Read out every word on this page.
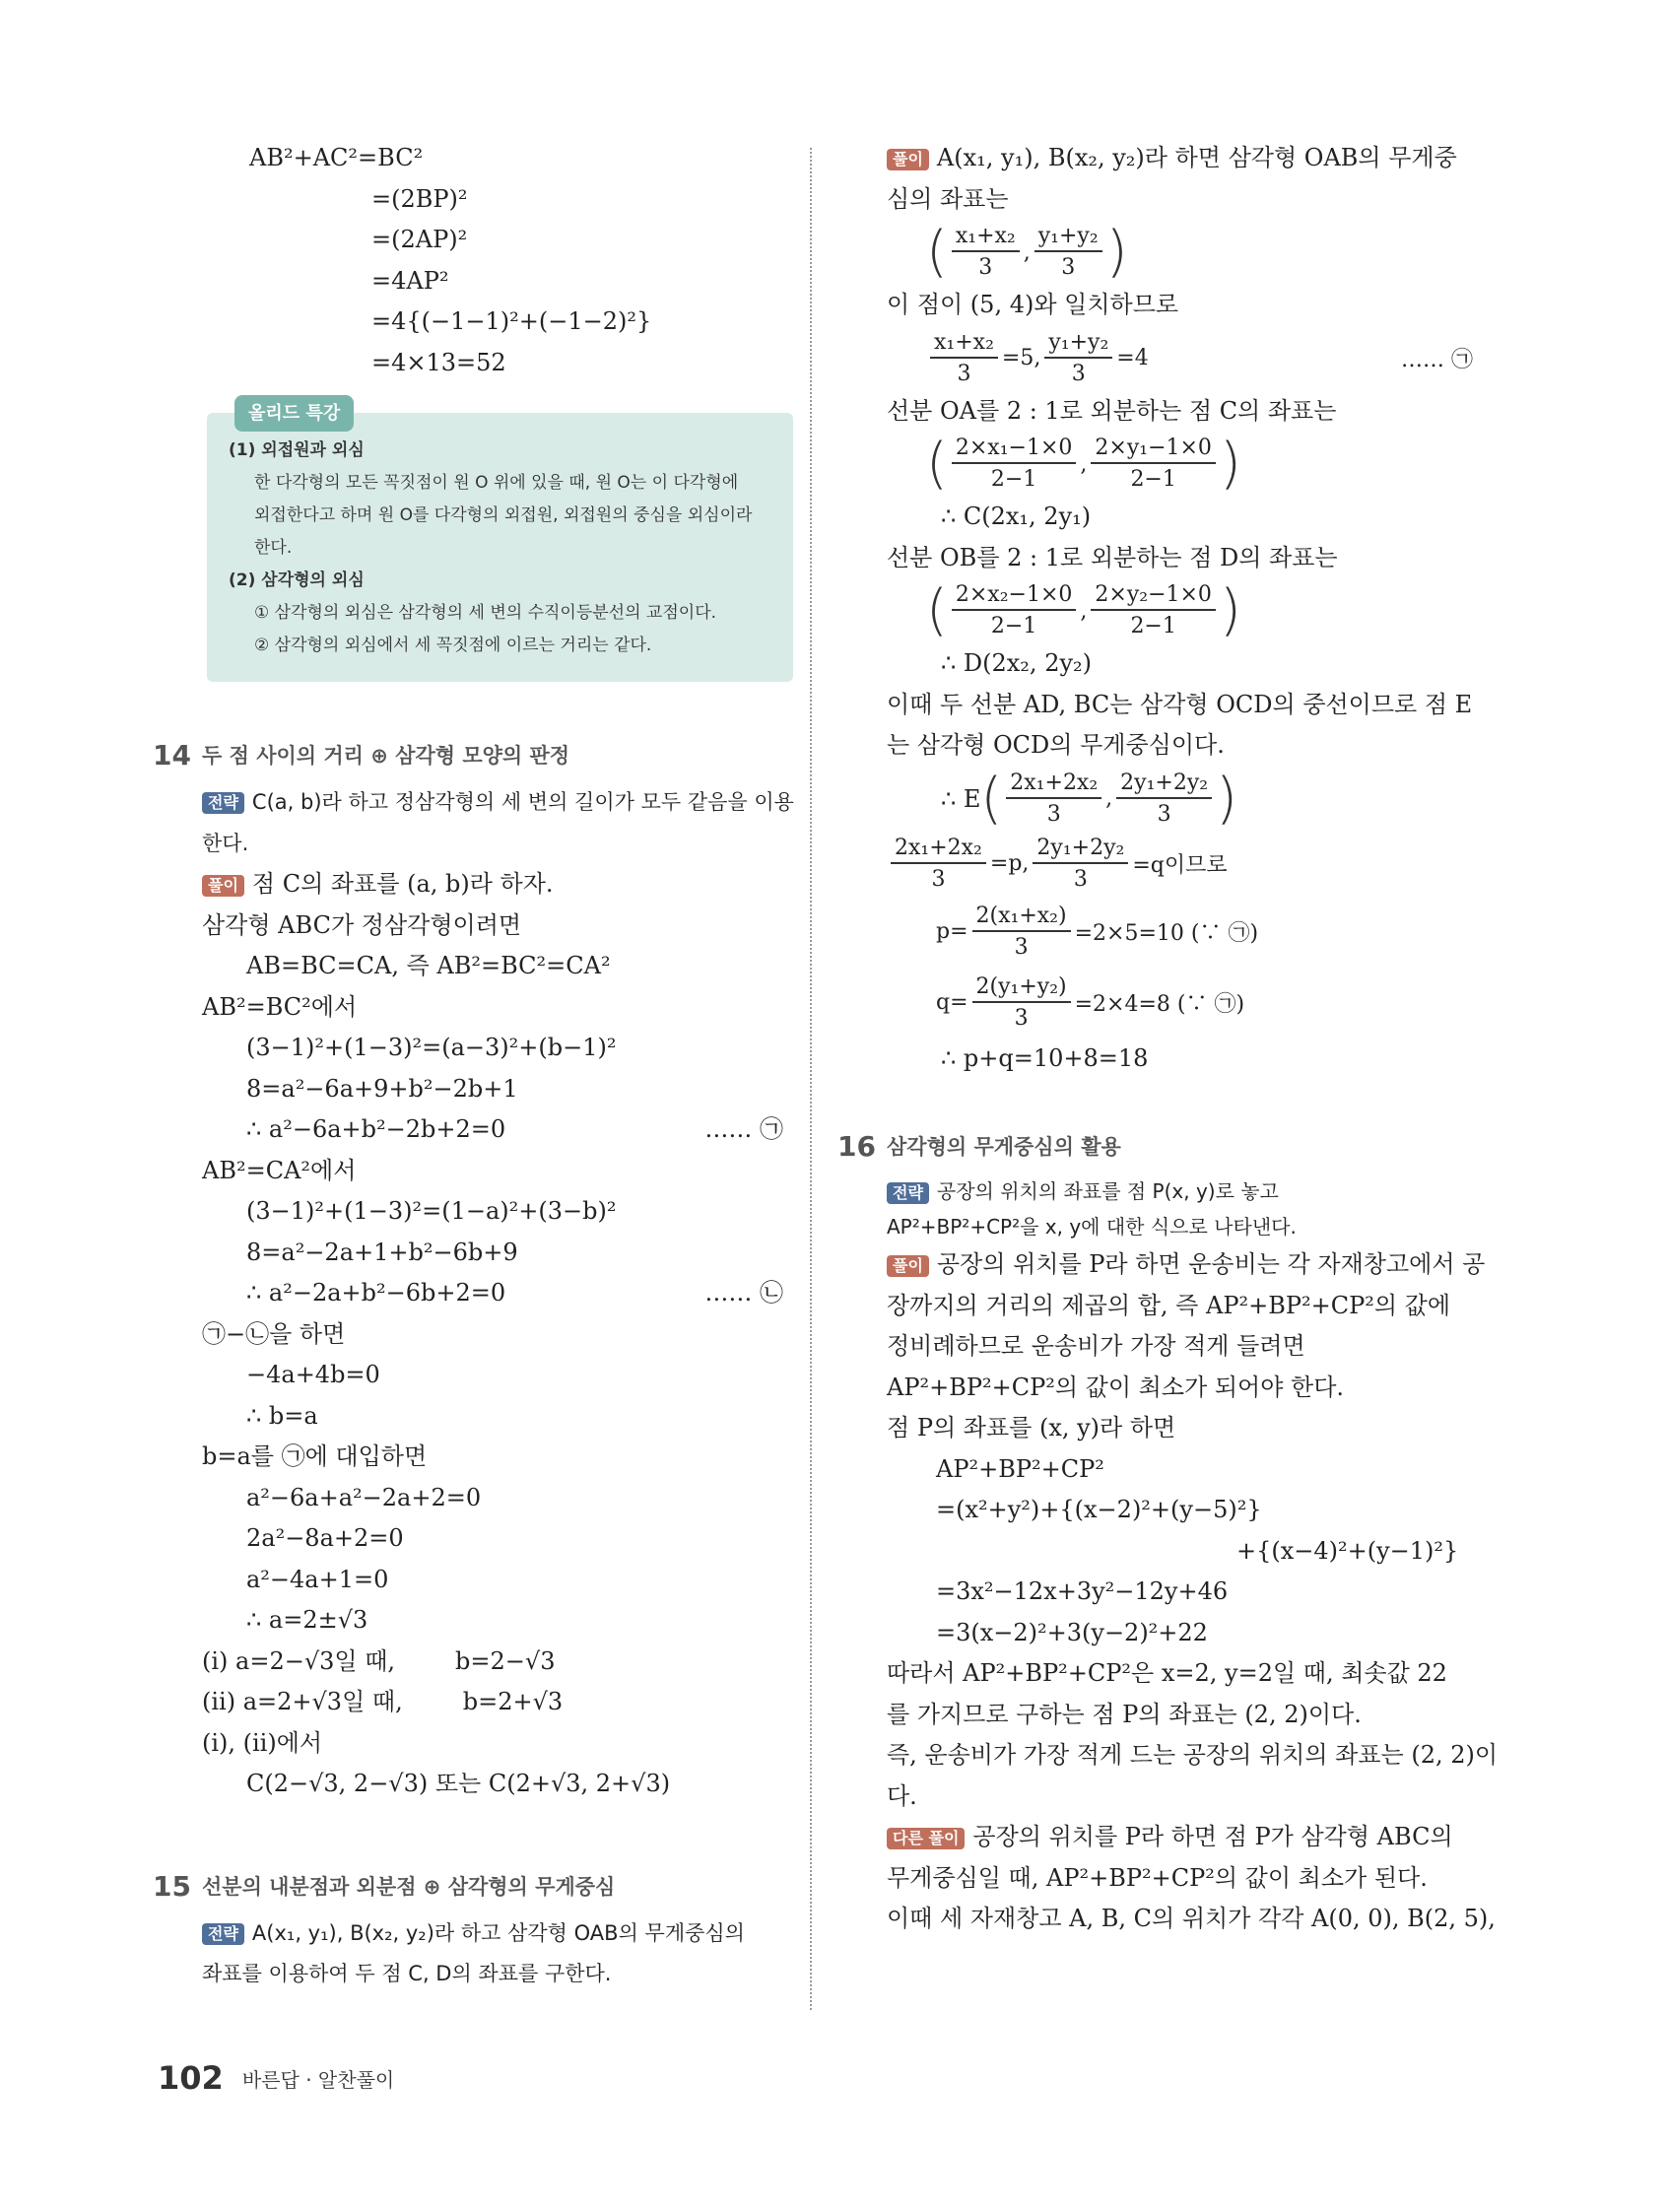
AB²+AC²=BC²
=(2BP)²
=(2AP)²
=4AP²
=4{(−1−1)²+(−1−2)²}
=4×13=52
올리드 특강
(1) 외접원과 외심
한 다각형의 모든 꼭짓점이 원 O 위에 있을 때, 원 O는 이 다각형에
외접한다고 하며 원 O를 다각형의 외접원, 외접원의 중심을 외심이라
한다.
(2) 삼각형의 외심
① 삼각형의 외심은 삼각형의 세 변의 수직이등분선의 교점이다.
② 삼각형의 외심에서 세 꼭짓점에 이르는 거리는 같다.
14 두 점 사이의 거리 ⊕ 삼각형 모양의 판정
전략 C(a, b)라 하고 정삼각형의 세 변의 길이가 모두 같음을 이용
한다.
풀이 점 C의 좌표를 (a, b)라 하자.
삼각형 ABC가 정삼각형이려면
AB=BC=CA, 즉 AB²=BC²=CA²
AB²=BC²에서
(3−1)²+(1−3)²=(a−3)²+(b−1)²
8=a²−6a+9+b²−2b+1
∴ a²−6a+b²−2b+2=0	…… ㉠
AB²=CA²에서
(3−1)²+(1−3)²=(1−a)²+(3−b)²
8=a²−2a+1+b²−6b+9
∴ a²−2a+b²−6b+2=0	…… ㉡
㉠−㉡을 하면
−4a+4b=0
∴ b=a
b=a를 ㉠에 대입하면
a²−6a+a²−2a+2=0
2a²−8a+2=0
a²−4a+1=0
∴ a=2±√3
(ⅰ) a=2−√3일 때,        b=2−√3
(ⅱ) a=2+√3일 때,        b=2+√3
(ⅰ), (ⅱ)에서
C(2−√3, 2−√3) 또는 C(2+√3, 2+√3)
15 선분의 내분점과 외분점 ⊕ 삼각형의 무게중심
전략 A(x₁, y₁), B(x₂, y₂)라 하고 삼각형 OAB의 무게중심의
좌표를 이용하여 두 점 C, D의 좌표를 구한다.
풀이 A(x₁, y₁), B(x₂, y₂)라 하면 삼각형 OAB의 무게중
심의 좌표는
( $\frac{\text{x₁+x₂}}{3}$ , $\frac{\text{y₁+y₂}}{3}$ )
이 점이 (5, 4)와 일치하므로
$\frac{\text{x₁+x₂}}{3} =5$, $\frac{\text{y₁+y₂}}{3} =4$	…… ㉠
선분 OA를 2 : 1로 외분하는 점 C의 좌표는
( $\frac{\text{2×x₁−1×0}}{2-1}$ , $\frac{\text{2×y₁−1×0}}{2-1}$ )
∴ C(2x₁, 2y₁)
선분 OB를 2 : 1로 외분하는 점 D의 좌표는
( $\frac{\text{2×x₂−1×0}}{2-1}$ , $\frac{\text{2×y₂−1×0}}{2-1}$ )
∴ D(2x₂, 2y₂)
이때 두 선분 AD, BC는 삼각형 OCD의 중선이므로 점 E
는 삼각형 OCD의 무게중심이다.
∴ E ( $\frac{\text{2x₁+2x₂}}{3}$ , $\frac{\text{2y₁+2y₂}}{3}$ )
$\frac{\text{2x₁+2x₂}}{3} =p$, $\frac{\text{2y₁+2y₂}}{3} =q$이므로
$p= \frac{\text{2(x₁+x₂)}}{3} =2\times 5=10$ (∵ ㉠)
$q= \frac{\text{2(y₁+y₂)}}{3} =2\times 4=8$ (∵ ㉠)
∴ p+q=10+8=18
16 삼각형의 무게중심의 활용
전략 공장의 위치의 좌표를 점 P(x, y)로 놓고
AP²+BP²+CP²을 x, y에 대한 식으로 나타낸다.
풀이 공장의 위치를 P라 하면 운송비는 각 자재창고에서 공
장까지의 거리의 제곱의 합, 즉 AP²+BP²+CP²의 값에
정비례하므로 운송비가 가장 적게 들려면
AP²+BP²+CP²의 값이 최소가 되어야 한다.
점 P의 좌표를 (x, y)라 하면
AP²+BP²+CP²
=(x²+y²)+{(x−2)²+(y−5)²}
+{(x−4)²+(y−1)²}
=3x²−12x+3y²−12y+46
=3(x−2)²+3(y−2)²+22
따라서 AP²+BP²+CP²은 x=2, y=2일 때, 최솟값 22
를 가지므로 구하는 점 P의 좌표는 (2, 2)이다.
즉, 운송비가 가장 적게 드는 공장의 위치의 좌표는 (2, 2)이
다.
다른 풀이 공장의 위치를 P라 하면 점 P가 삼각형 ABC의
무게중심일 때, AP²+BP²+CP²의 값이 최소가 된다.
이때 세 자재창고 A, B, C의 위치가 각각 A(0, 0), B(2, 5),
102 바른답 · 알찬풀이
